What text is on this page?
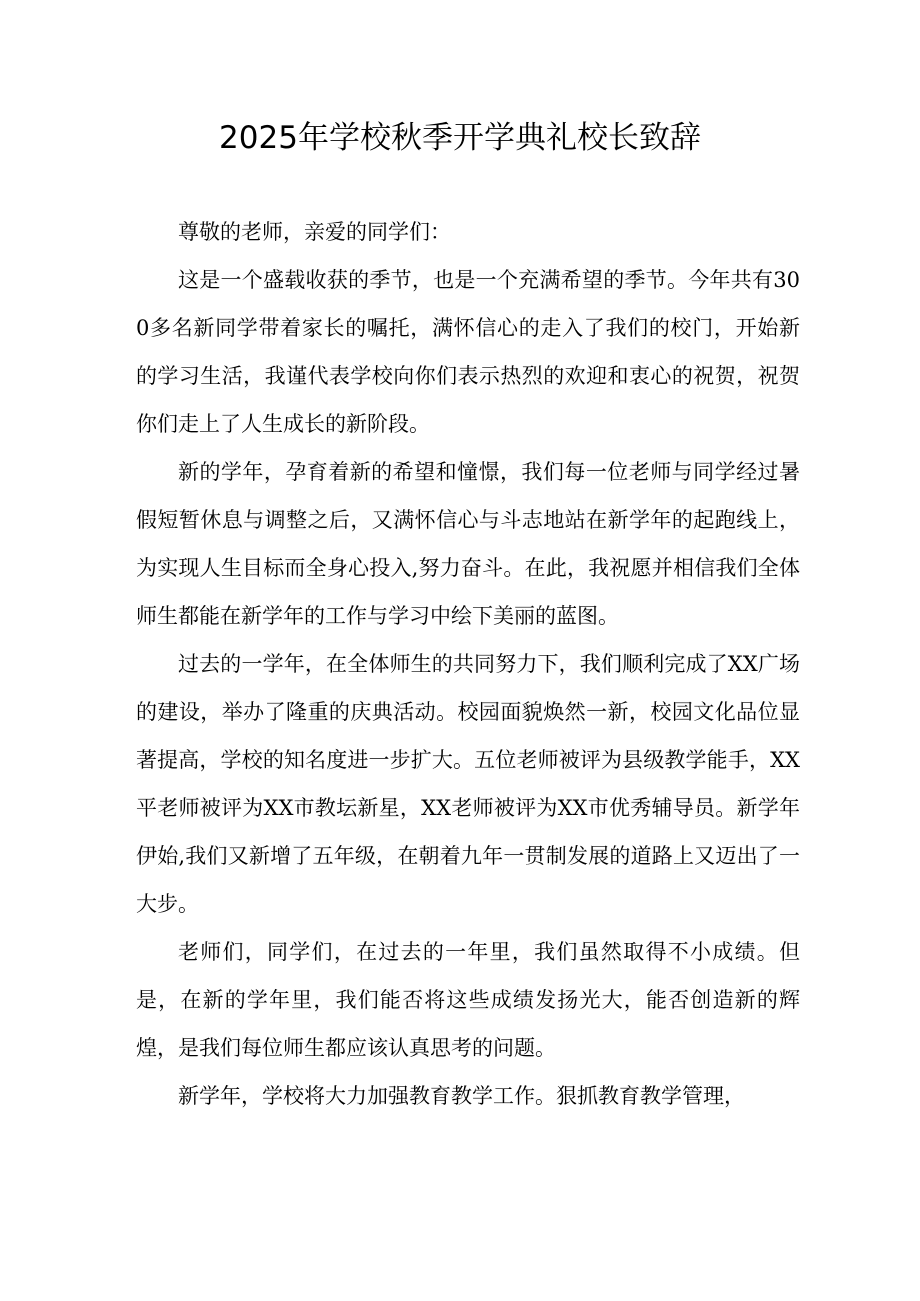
2025年学校秋季开学典礼校长致辞

尊敬的老师，亲爱的同学们：

这是一个盛载收获的季节，也是一个充满希望的季节。今年共有300多名新同学带着家长的嘱托，满怀信心的走入了我们的校门，开始新的学习生活，我谨代表学校向你们表示热烈的欢迎和衷心的祝贺，祝贺你们走上了人生成长的新阶段。

新的学年，孕育着新的希望和憧憬，我们每一位老师与同学经过暑假短暂休息与调整之后，又满怀信心与斗志地站在新学年的起跑线上，为实现人生目标而全身心投入,努力奋斗。在此，我祝愿并相信我们全体师生都能在新学年的工作与学习中绘下美丽的蓝图。

过去的一学年，在全体师生的共同努力下，我们顺利完成了XX广场的建设，举办了隆重的庆典活动。校园面貌焕然一新，校园文化品位显著提高，学校的知名度进一步扩大。五位老师被评为县级教学能手，XX平老师被评为XX市教坛新星，XX老师被评为XX市优秀辅导员。新学年伊始,我们又新增了五年级，在朝着九年一贯制发展的道路上又迈出了一大步。

老师们，同学们，在过去的一年里，我们虽然取得不小成绩。但是，在新的学年里，我们能否将这些成绩发扬光大，能否创造新的辉煌，是我们每位师生都应该认真思考的问题。

新学年，学校将大力加强教育教学工作。狠抓教育教学管理，
